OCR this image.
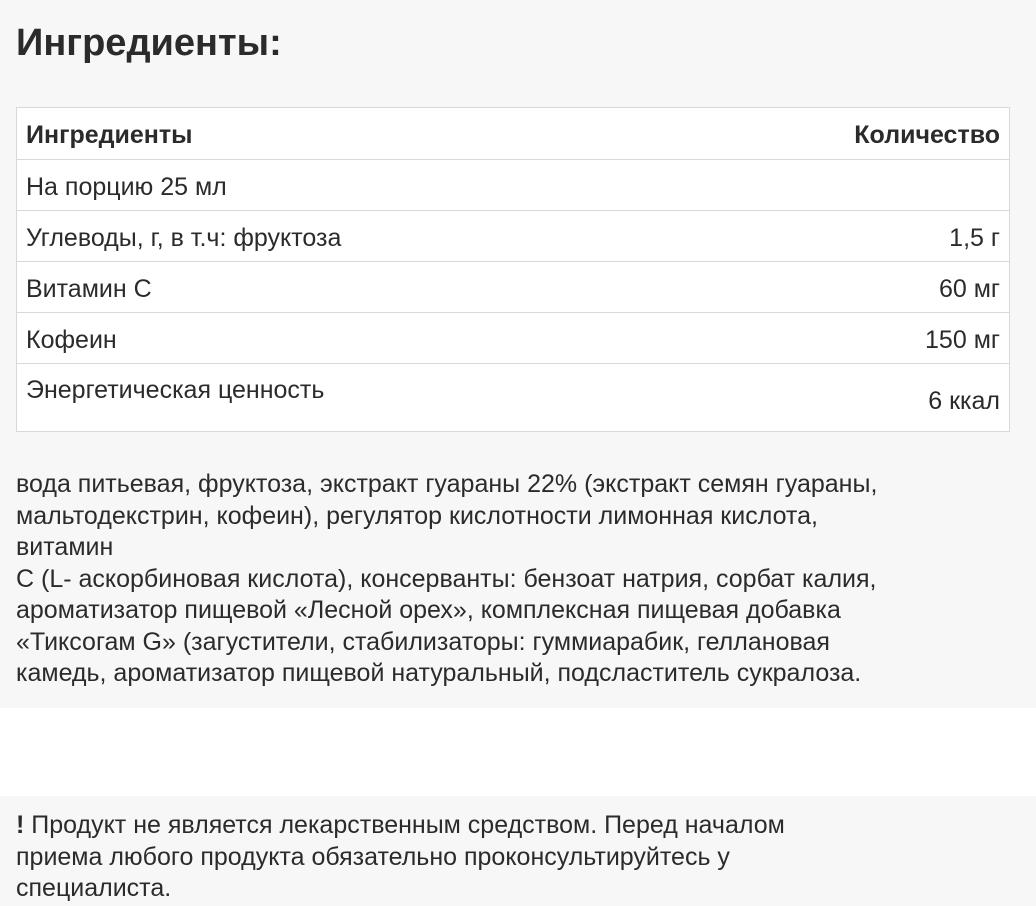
Ингредиенты:
Ингредиенты	Количество
На порцию 25 мл
Углеводы, г, в т.ч: фруктоза	1,5 г
Витамин С	60 мг
Кофеин	150 мг
Энергетическая ценность	6 ккал

вода питьевая, фруктоза, экстракт гуараны 22% (экстракт семян гуараны,

мальтодекстрин, кофеин), регулятор кислотности лимонная кислота,

витамин

С (L- аскорбиновая кислота), консерванты: бензоат натрия, сорбат калия,

ароматизатор пищевой «Лесной орех», комплексная пищевая добавка

«Тиксогам G» (загустители, стабилизаторы: гуммиарабик, геллановая

камедь, ароматизатор пищевой натуральный, подсластитель сукралоза.

! Продукт не является лекарственным средством. Перед началом

приема любого продукта обязательно проконсультируйтесь у

специалиста.
